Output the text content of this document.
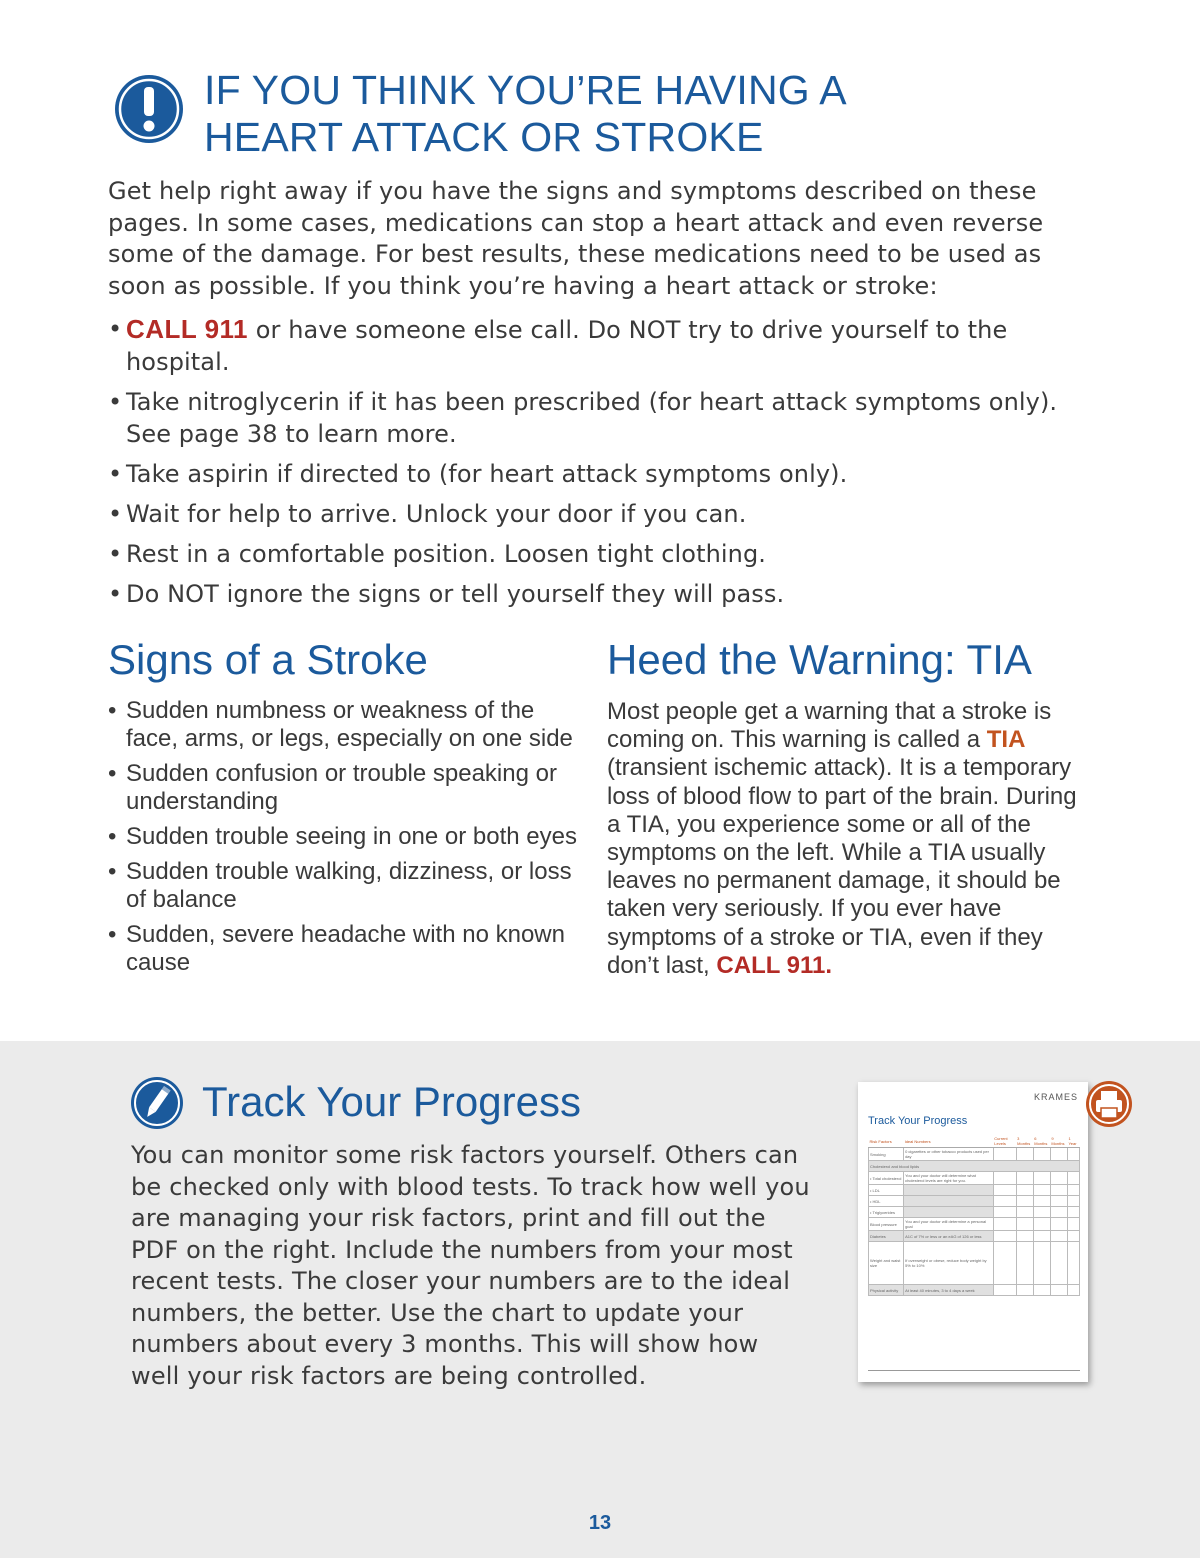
IF YOU THINK YOU’RE HAVING A
HEART ATTACK OR STROKE

Get help right away if you have the signs and symptoms described on these pages. In some cases, medications can stop a heart attack and even reverse some of the damage. For best results, these medications need to be used as soon as possible. If you think you’re having a heart attack or stroke:

• CALL 911 or have someone else call. Do NOT try to drive yourself to the hospital.
• Take nitroglycerin if it has been prescribed (for heart attack symptoms only). See page 38 to learn more.
• Take aspirin if directed to (for heart attack symptoms only).
• Wait for help to arrive. Unlock your door if you can.
• Rest in a comfortable position. Loosen tight clothing.
• Do NOT ignore the signs or tell yourself they will pass.
Signs of a Stroke
• Sudden numbness or weakness of the face, arms, or legs, especially on one side
• Sudden confusion or trouble speaking or understanding
• Sudden trouble seeing in one or both eyes
• Sudden trouble walking, dizziness, or loss of balance
• Sudden, severe headache with no known cause
Heed the Warning: TIA

Most people get a warning that a stroke is coming on. This warning is called a TIA (transient ischemic attack). It is a temporary loss of blood flow to part of the brain. During a TIA, you experience some or all of the symptoms on the left. While a TIA usually leaves no permanent damage, it should be taken very seriously. If you ever have symptoms of a stroke or TIA, even if they don’t last, CALL 911.

Track Your Progress

You can monitor some risk factors yourself. Others can be checked only with blood tests. To track how well you are managing your risk factors, print and fill out the PDF on the right. Include the numbers from your most recent tests. The closer your numbers are to the ideal numbers, the better. Use the chart to update your numbers about every 3 months. This will show how well your risk factors are being controlled.

KRAMES
Track Your Progress
Risk Factors	Ideal Numbers	Current Levels	3 Months	6 Months	9 Months	1 Year
Smoking	0 cigarettes or other tobacco products used per day					
Cholesterol and blood lipids						
• Total cholesterol	You and your doctor will determine what cholesterol levels are right for you.					
• LDL						
• HDL						
• Triglycerides						
Blood pressure	You and your doctor will determine a personal goal					
Diabetes	A1C of 7% or less or an eAG of 126 or less					
Weight and waist size	If overweight or obese, reduce body weight by 5% to 10%					
Physical activity	At least 40 minutes, 3 to 4 days a week					

13
